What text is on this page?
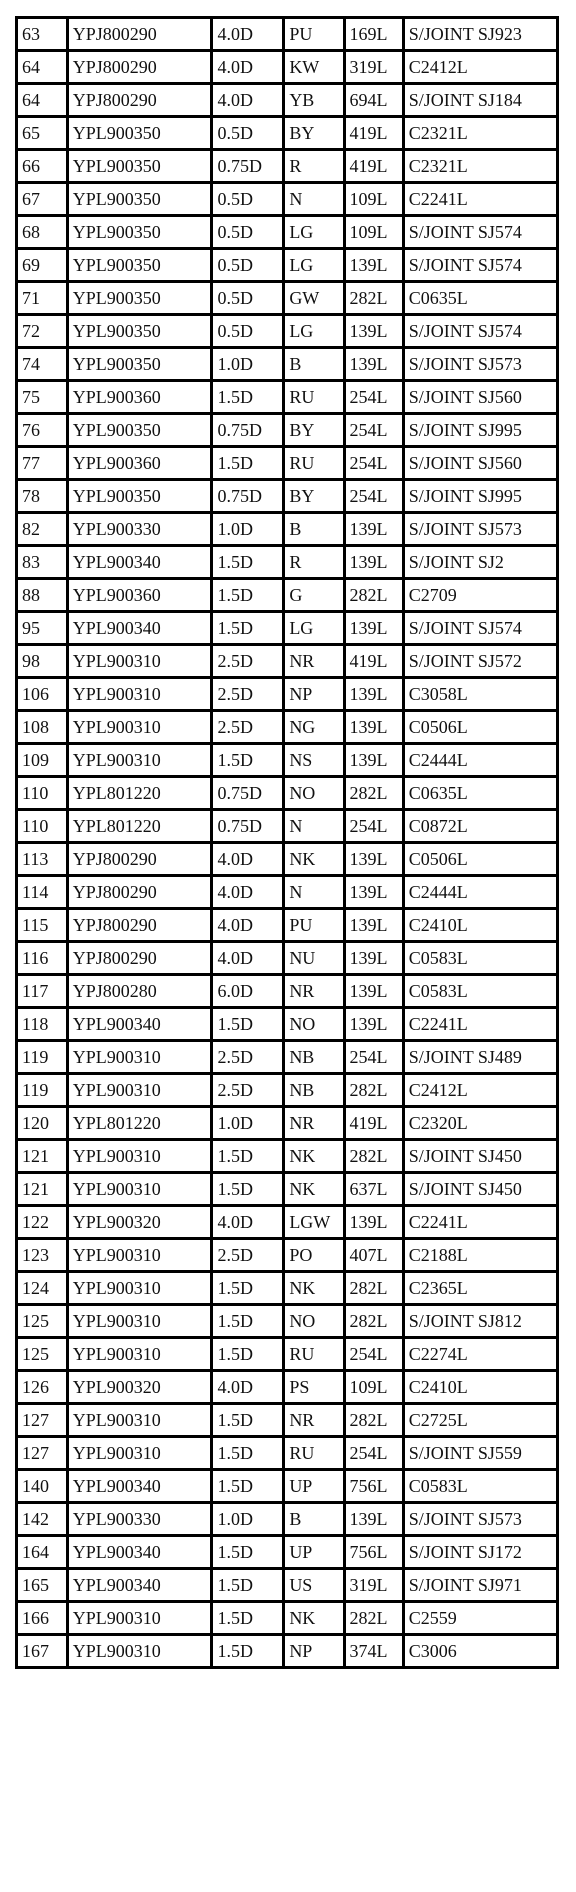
63	YPJ800290	4.0D	PU	169L	S/JOINT SJ923
64	YPJ800290	4.0D	KW	319L	C2412L
64	YPJ800290	4.0D	YB	694L	S/JOINT SJ184
65	YPL900350	0.5D	BY	419L	C2321L
66	YPL900350	0.75D	R	419L	C2321L
67	YPL900350	0.5D	N	109L	C2241L
68	YPL900350	0.5D	LG	109L	S/JOINT SJ574
69	YPL900350	0.5D	LG	139L	S/JOINT SJ574
71	YPL900350	0.5D	GW	282L	C0635L
72	YPL900350	0.5D	LG	139L	S/JOINT SJ574
74	YPL900350	1.0D	B	139L	S/JOINT SJ573
75	YPL900360	1.5D	RU	254L	S/JOINT SJ560
76	YPL900350	0.75D	BY	254L	S/JOINT SJ995
77	YPL900360	1.5D	RU	254L	S/JOINT SJ560
78	YPL900350	0.75D	BY	254L	S/JOINT SJ995
82	YPL900330	1.0D	B	139L	S/JOINT SJ573
83	YPL900340	1.5D	R	139L	S/JOINT SJ2
88	YPL900360	1.5D	G	282L	C2709
95	YPL900340	1.5D	LG	139L	S/JOINT SJ574
98	YPL900310	2.5D	NR	419L	S/JOINT SJ572
106	YPL900310	2.5D	NP	139L	C3058L
108	YPL900310	2.5D	NG	139L	C0506L
109	YPL900310	1.5D	NS	139L	C2444L
110	YPL801220	0.75D	NO	282L	C0635L
110	YPL801220	0.75D	N	254L	C0872L
113	YPJ800290	4.0D	NK	139L	C0506L
114	YPJ800290	4.0D	N	139L	C2444L
115	YPJ800290	4.0D	PU	139L	C2410L
116	YPJ800290	4.0D	NU	139L	C0583L
117	YPJ800280	6.0D	NR	139L	C0583L
118	YPL900340	1.5D	NO	139L	C2241L
119	YPL900310	2.5D	NB	254L	S/JOINT SJ489
119	YPL900310	2.5D	NB	282L	C2412L
120	YPL801220	1.0D	NR	419L	C2320L
121	YPL900310	1.5D	NK	282L	S/JOINT SJ450
121	YPL900310	1.5D	NK	637L	S/JOINT SJ450
122	YPL900320	4.0D	LGW	139L	C2241L
123	YPL900310	2.5D	PO	407L	C2188L
124	YPL900310	1.5D	NK	282L	C2365L
125	YPL900310	1.5D	NO	282L	S/JOINT SJ812
125	YPL900310	1.5D	RU	254L	C2274L
126	YPL900320	4.0D	PS	109L	C2410L
127	YPL900310	1.5D	NR	282L	C2725L
127	YPL900310	1.5D	RU	254L	S/JOINT SJ559
140	YPL900340	1.5D	UP	756L	C0583L
142	YPL900330	1.0D	B	139L	S/JOINT SJ573
164	YPL900340	1.5D	UP	756L	S/JOINT SJ172
165	YPL900340	1.5D	US	319L	S/JOINT SJ971
166	YPL900310	1.5D	NK	282L	C2559
167	YPL900310	1.5D	NP	374L	C3006
